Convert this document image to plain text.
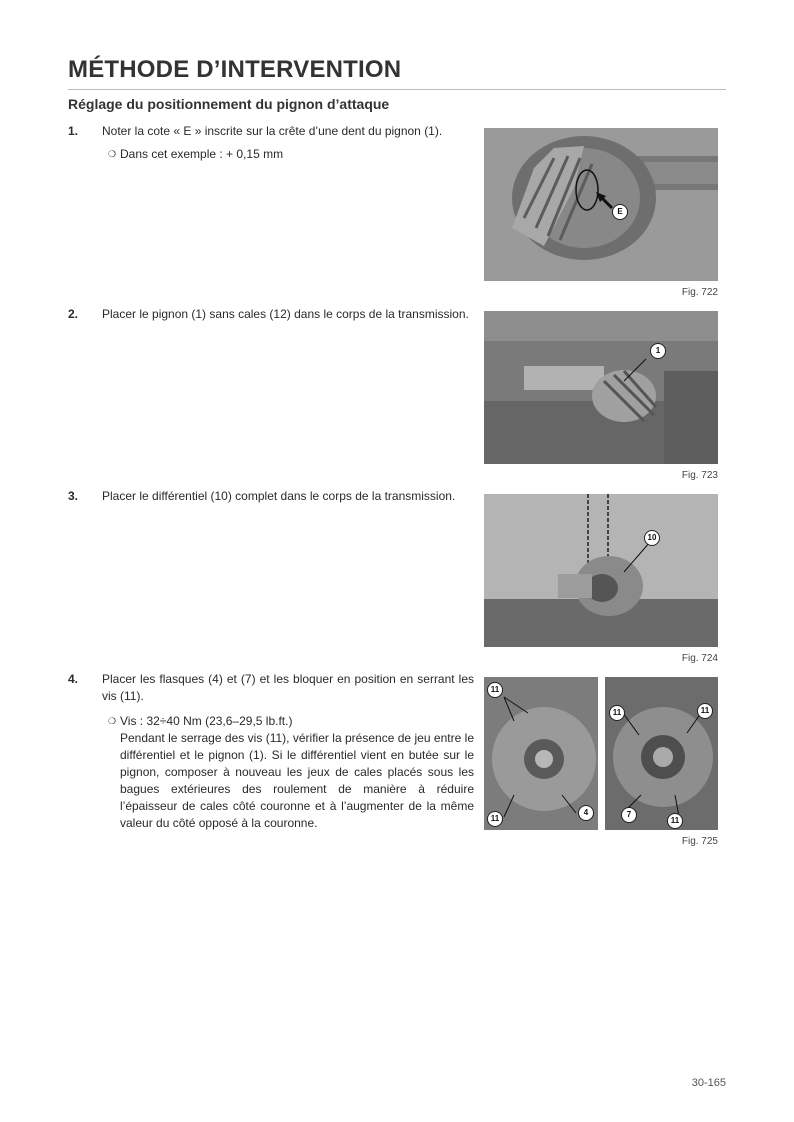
MÉTHODE D’INTERVENTION
Réglage du positionnement du pignon d’attaque
1. Noter la cote « E » inscrite sur la crête d’une dent du pignon (1).
❍ Dans cet exemple : + 0,15 mm
2. Placer le pignon (1) sans cales (12) dans le corps de la transmission.
3. Placer le différentiel (10) complet dans le corps de la transmission.
4. Placer les flasques (4) et (7) et les bloquer en position en serrant les vis (11).
❍ Vis : 32÷40 Nm (23,6–29,5 lb.ft.)
Pendant le serrage des vis (11), vérifier la présence de jeu entre le différentiel et le pignon (1). Si le différentiel vient en butée sur le pignon, composer à nouveau les jeux de cales placés sous les bagues extérieures des roulement de manière à réduire l’épaisseur de cales côté couronne et à l’augmenter de la même valeur du côté opposé à la couronne.
E
Fig. 722
1
Fig. 723
10
Fig. 724
11
11
4
11	11
7
11
Fig. 725
30-165
